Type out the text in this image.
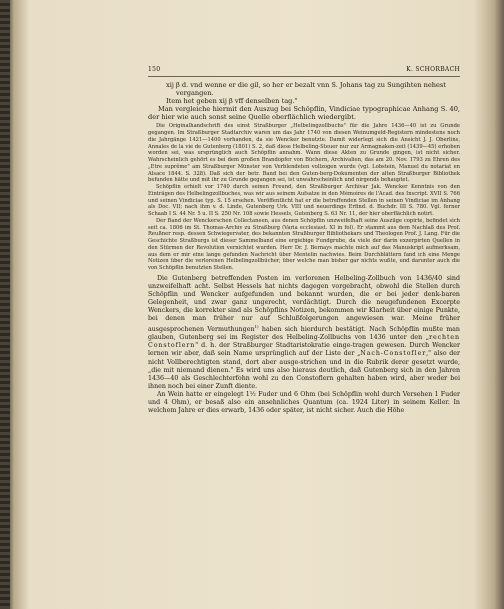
150	K. SCHORBACH

xij β d. vnd wenne er die gil, so her er bezalt vnn S. Johans tag zu Sungihten nehest

vergangen.

Item het geben xij β vff denselben tag."

Man vergleiche hiermit den Auszug bei Schöpflin, Vindiciae typographicae Anhang S. 40, der hier wie auch sonst seine Quelle oberflächlich wiedergibt.

Die Originalhandschrift des einst Straßburger „Helbelingzollbuchs" für die Jahre 1436—40 ist zu Grunde gegangen. Im Straßburger Stadtarchiv waren um das Jahr 1740 von diesen Weinumgeld-Registern mindestens noch die Jahrgänge 1421—1400 vorhanden, da sie Wencker benutzte. Damit widerlegt sich die Ansicht J. J. Oberlins, Annales de la vie de Gutenberg (1801) S. 2, daß diese Helbeling-Steuer nur zur Armagnaken-zeit (1439—45) erhoben worden sei, was ursprünglich auch Schöpflin annahm. Wann diese Akten zu Grunde gingen, ist nicht sicher. Wahrscheinlich gehört es bei dem großen Brandopfer von Büchern, Archivalien, das am 20. Nov. 1793 zu Ehren des „Etre suprême" am Straßburger Münster von Verblendeten vollzogen wurde (vgl. Lobstein, Manuel du notariat en Alsace 1844. S. 328). Daß sich der betr. Band bei den Guten-berg-Dokumenten der alten Straßburger Bibliothek befunden hätte und mit ihr zu Grunde gegangen sei, ist unwahrscheinlich und nirgends behauptet.

Schöpflin erhielt vor 1740 durch seinen Freund, den Straßburger Archivar Jak. Wencker Kenntnis von den Einträgen des Helbelingzollbuches, was wir aus seinem Aufsatze in den Mémoires de l'Acad. des Inscript. XVII S. 766 und seinen Vindiciae typ. S. 15 ersehen. Veröffentlicht hat er die betreffenden Stellen in seinen Vindiciae im Anhang als Doc. VII; nach ihm v. d. Linde, Gutenberg Urk. VIII und neuerdings Erfind. d. Buchdr. III S. 780. Vgl. ferner Schaab I S. 44 Nr. 5 u. II S. 250 Nr. 108 sowie Hessels, Gutenberg S. 63 Nr. 11, der hier oberflächlich notirt.

Der Band der Wenckerschen Collectaneen, aus denen Schöpflin unzweifelhaft seine Auszüge copirte, befindet sich seit ca. 1806 im St. Thomas-Archiv zu Straßburg (Varia ecclesiast. XI in fol). Er stammt aus dem Nachlaß des Prof. Reußner resp. dessen Schwiegervater, des bekannten Straßburger Bibliothekars und Theologen Prof. J. Lang. Für die Geschichte Straßburgs ist dieser Sammelband eine ergiebige Fundgrube, da viele der darin exzerpirten Quellen in den Stürmen der Revolution vernichtet wurden. Herr Dr. J. Bernays machte mich auf das Manuskript aufmerksam, aus dem er mir eine lange gefunden Nachricht über Mentelin nachwies. Beim Durchblättern fand ich eine Menge Notizen über die verlorenen Helbelingzollbücher, über welche man bisher gar nichts wußte, und darunter auch die von Schöpflin benutzten Stellen.

Die Gutenberg betreffenden Posten im verlorenen Helbeling-Zollbuch von 1436/40 sind unzweifelhaft acht. Selbst Hessels hat nichts dagegen vorgebracht, obwohl die Stellen durch Schöpflin und Wencker aufgefunden und bekannt wurden, die er bei jeder denk-baren Gelegenheit, und zwar ganz ungerecht, verdächtigt. Durch die neugefundenen Excerpte Wenckers, die korrekter sind als Schöpflins Notizen, bekommen wir Klarheit über einige Punkte, bei denen man früher nur auf Schlußfolgerungen angewiesen war. Meine früher ausgesprochenen Vermuthungen$^{1)}$ haben sich hierdurch bestätigt. Nach Schöpflin mußte man glauben, Gutenberg sei im Register des Helbeling-Zollbuchs von 1436 unter den „rechten Constoflern" d. h. der Straßburger Stadtaristokratie einge-tragen gewesen. Durch Wencker lernen wir aber, daß sein Name ursprünglich auf der Liste der „Nach-Constofler," also der nicht Vollberechtigten stand, dort aber ausge-strichen und in die Rubrik derer gesetzt wurde, „die mit niemand dienen." Es wird uns also hieraus deutlich, daß Gutenberg sich in den Jahren 1436—40 als Geschlechterfohn wohl zu den Constoflern gehalten haben wird, aber weder bei ihnen noch bei einer Zunft diente.

An Wein hatte er eingelegt 1½ Fuder und 6 Ohm (bei Schöpflin wohl durch Versehen 1 Fuder und 4 Ohm), er besaß also ein ansehnliches Quantum (ca. 1924 Liter) in seinem Keller. In welchem Jahre er dies erwarb, 1436 oder später, ist nicht sicher. Auch die Höhe
